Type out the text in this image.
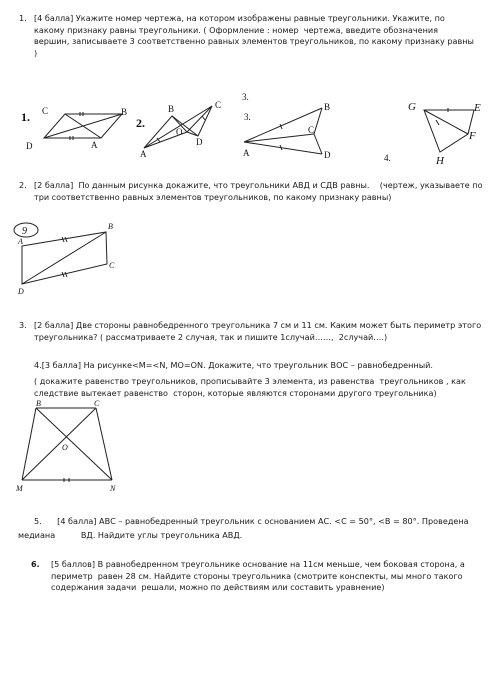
1. [4 балла] Укажите номер чертежа, на котором изображены равные треугольники. Укажите, по какому признаку равны треугольники. ( Оформление : номер  чертежа, введите обозначения вершин, записываете 3 соответственно равных элементов треугольников, по какому признаку равны )
1. C	B
D	A
2.
B	C
O
D
A
3.
3.
A
C
B
D	4.
G	E
F
H
2. [2 балла]  По данным рисунка докажите, что треугольники АВД и СДВ равны.    (чертеж, указываете по три соответственно равных элементов треугольников, по какому признаку равны)
9
A
B
C
D
3. [2 балла] Две стороны равнобедренного треугольника 7 см и 11 см. Каким может быть периметр этого треугольника? ( рассматриваете 2 случая, так и пишите 1случай……,  2случай….)
4.[3 балла] На рисунке<M=<N, MO=ON. Докажите, что треугольник ВОС – равнобедренный.
( докажите равенство треугольников, прописывайте 3 элемента, из равенства  треугольников , как следствие вытекает равенство  сторон, которые являются сторонами другого треугольника)
B	C
O
M	N
5.      [4 балла] АВС – равнобедренный треугольник с основанием АС. <C = 50°, <B = 80°. Проведена
медиана          ВД. Найдите углы треугольника АВД.
6. [5 баллов] В равнобедренном треугольнике основание на 11см меньше, чем боковая сторона, а периметр  равен 28 см. Найдите стороны треугольника (смотрите конспекты, мы много такого содержания задачи  решали, можно по действиям или составить уравнение)
